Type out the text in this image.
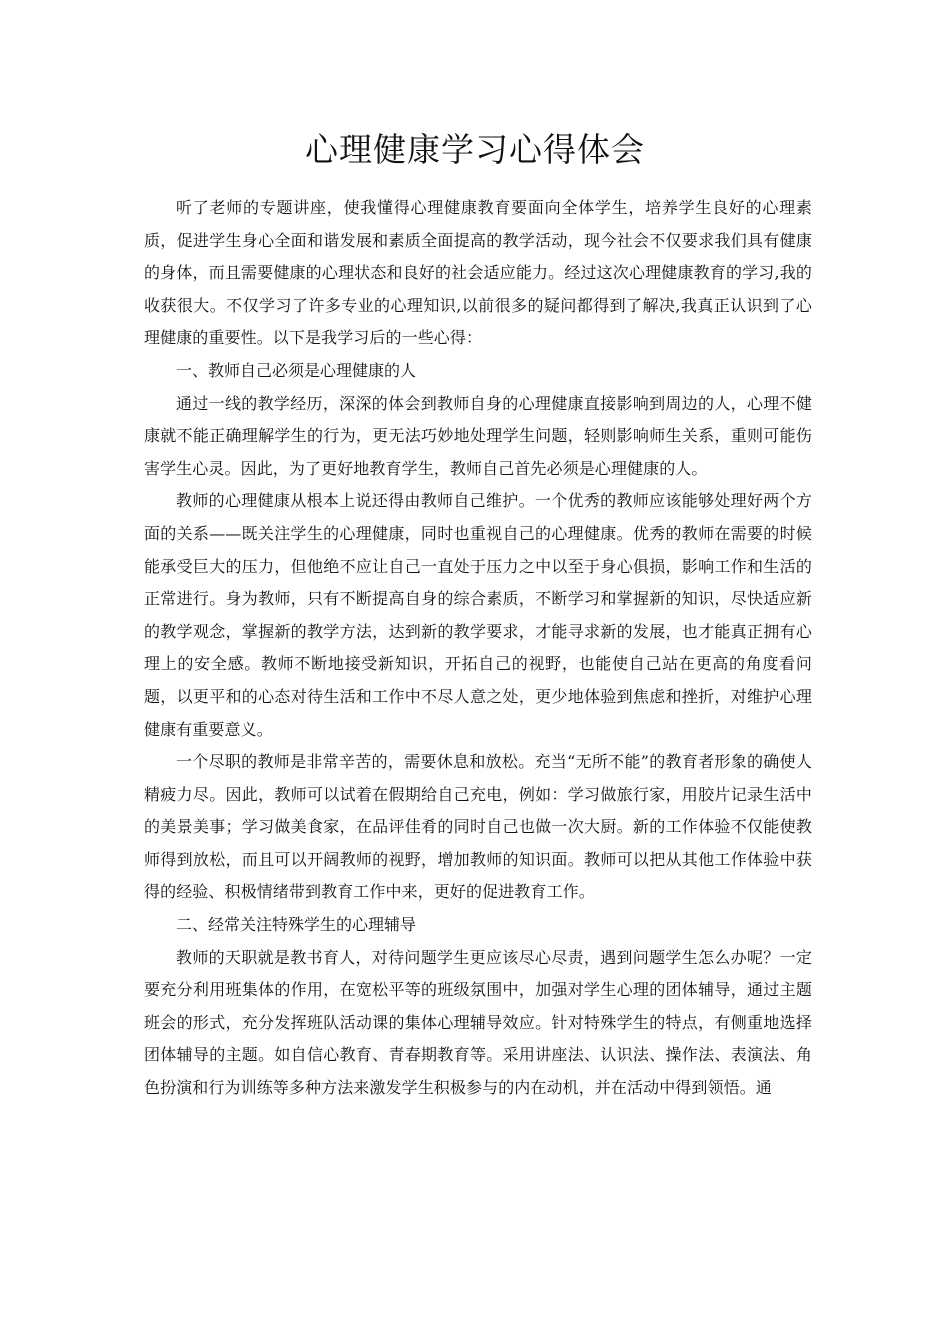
心理健康学习心得体会

听了老师的专题讲座，使我懂得心理健康教育要面向全体学生，培养学生良好的心理素质，促进学生身心全面和谐发展和素质全面提高的教学活动，现今社会不仅要求我们具有健康的身体，而且需要健康的心理状态和良好的社会适应能力。经过这次心理健康教育的学习,我的收获很大。不仅学习了许多专业的心理知识,以前很多的疑问都得到了解决,我真正认识到了心理健康的重要性。以下是我学习后的一些心得：

一、教师自己必须是心理健康的人

通过一线的教学经历，深深的体会到教师自身的心理健康直接影响到周边的人，心理不健康就不能正确理解学生的行为，更无法巧妙地处理学生问题，轻则影响师生关系，重则可能伤害学生心灵。因此，为了更好地教育学生，教师自己首先必须是心理健康的人。

教师的心理健康从根本上说还得由教师自己维护。一个优秀的教师应该能够处理好两个方面的关系——既关注学生的心理健康，同时也重视自己的心理健康。优秀的教师在需要的时候能承受巨大的压力，但他绝不应让自己一直处于压力之中以至于身心俱损，影响工作和生活的正常进行。身为教师，只有不断提高自身的综合素质，不断学习和掌握新的知识，尽快适应新的教学观念，掌握新的教学方法，达到新的教学要求，才能寻求新的发展，也才能真正拥有心理上的安全感。教师不断地接受新知识，开拓自己的视野，也能使自己站在更高的角度看问题，以更平和的心态对待生活和工作中不尽人意之处，更少地体验到焦虑和挫折，对维护心理健康有重要意义。

一个尽职的教师是非常辛苦的，需要休息和放松。充当“无所不能”的教育者形象的确使人精疲力尽。因此，教师可以试着在假期给自己充电，例如：学习做旅行家，用胶片记录生活中的美景美事；学习做美食家，在品评佳肴的同时自己也做一次大厨。新的工作体验不仅能使教师得到放松，而且可以开阔教师的视野，增加教师的知识面。教师可以把从其他工作体验中获得的经验、积极情绪带到教育工作中来，更好的促进教育工作。

二、经常关注特殊学生的心理辅导

教师的天职就是教书育人，对待问题学生更应该尽心尽责，遇到问题学生怎么办呢？一定要充分利用班集体的作用，在宽松平等的班级氛围中，加强对学生心理的团体辅导，通过主题班会的形式，充分发挥班队活动课的集体心理辅导效应。针对特殊学生的特点，有侧重地选择团体辅导的主题。如自信心教育、青春期教育等。采用讲座法、认识法、操作法、表演法、角色扮演和行为训练等多种方法来激发学生积极参与的内在动机，并在活动中得到领悟。通
